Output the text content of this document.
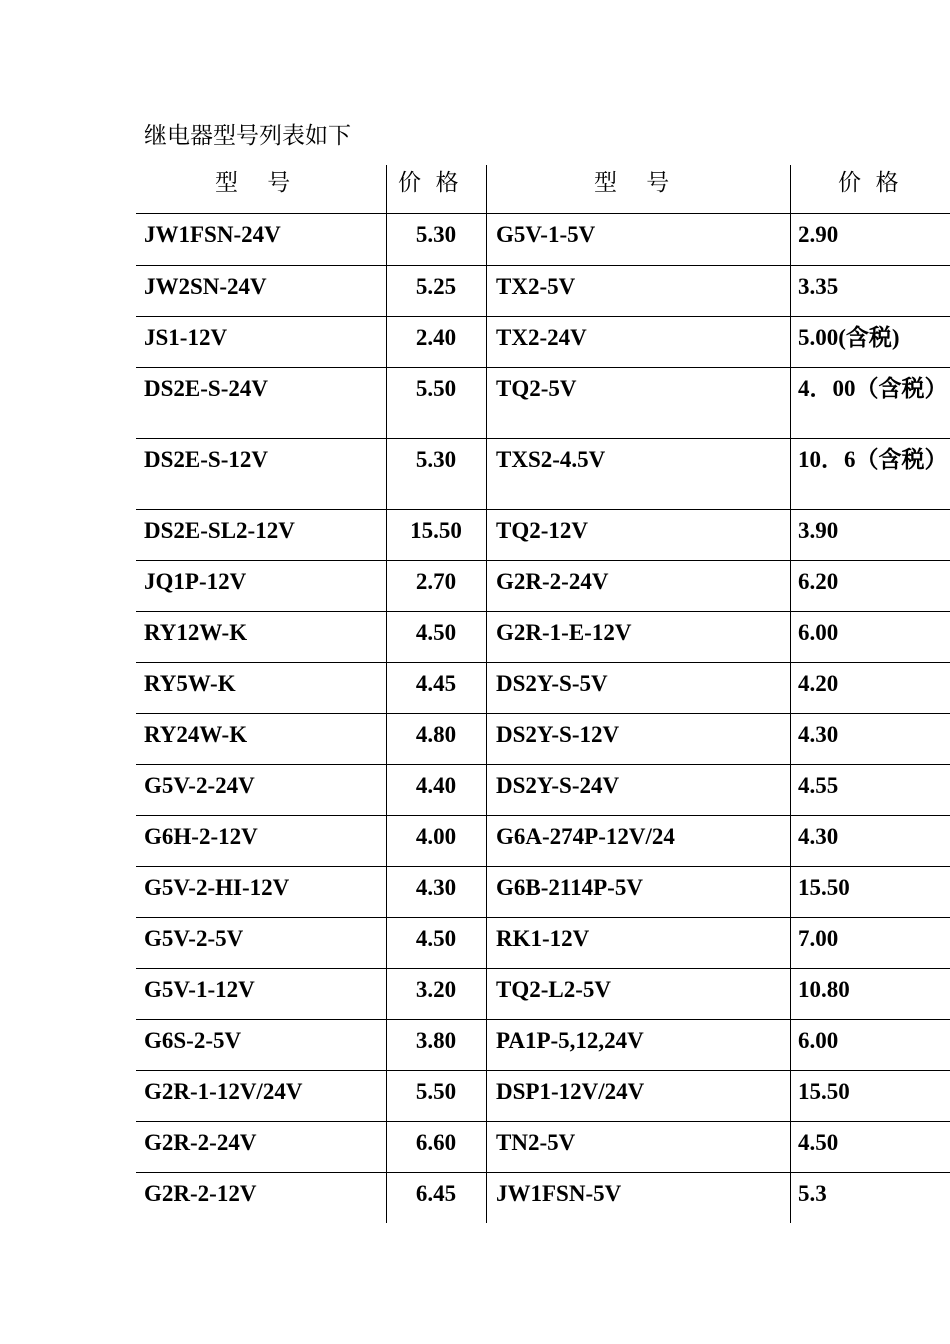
继电器型号列表如下
型    号	价  格	型    号	价  格
JW1FSN-24V	5.30	G5V-1-5V	2.90
JW2SN-24V	5.25	TX2-5V	3.35
JS1-12V	2.40	TX2-24V	5.00(含税)
DS2E-S-24V	5.50	TQ2-5V	4．00（含税）
DS2E-S-12V	5.30	TXS2-4.5V	10．6（含税）
DS2E-SL2-12V	15.50	TQ2-12V	3.90
JQ1P-12V	2.70	G2R-2-24V	6.20
RY12W-K	4.50	G2R-1-E-12V	6.00
RY5W-K	4.45	DS2Y-S-5V	4.20
RY24W-K	4.80	DS2Y-S-12V	4.30
G5V-2-24V	4.40	DS2Y-S-24V	4.55
G6H-2-12V	4.00	G6A-274P-12V/24	4.30
G5V-2-HI-12V	4.30	G6B-2114P-5V	15.50
G5V-2-5V	4.50	RK1-12V	7.00
G5V-1-12V	3.20	TQ2-L2-5V	10.80
G6S-2-5V	3.80	PA1P-5,12,24V	6.00
G2R-1-12V/24V	5.50	DSP1-12V/24V	15.50
G2R-2-24V	6.60	TN2-5V	4.50
G2R-2-12V	6.45	JW1FSN-5V	5.3
